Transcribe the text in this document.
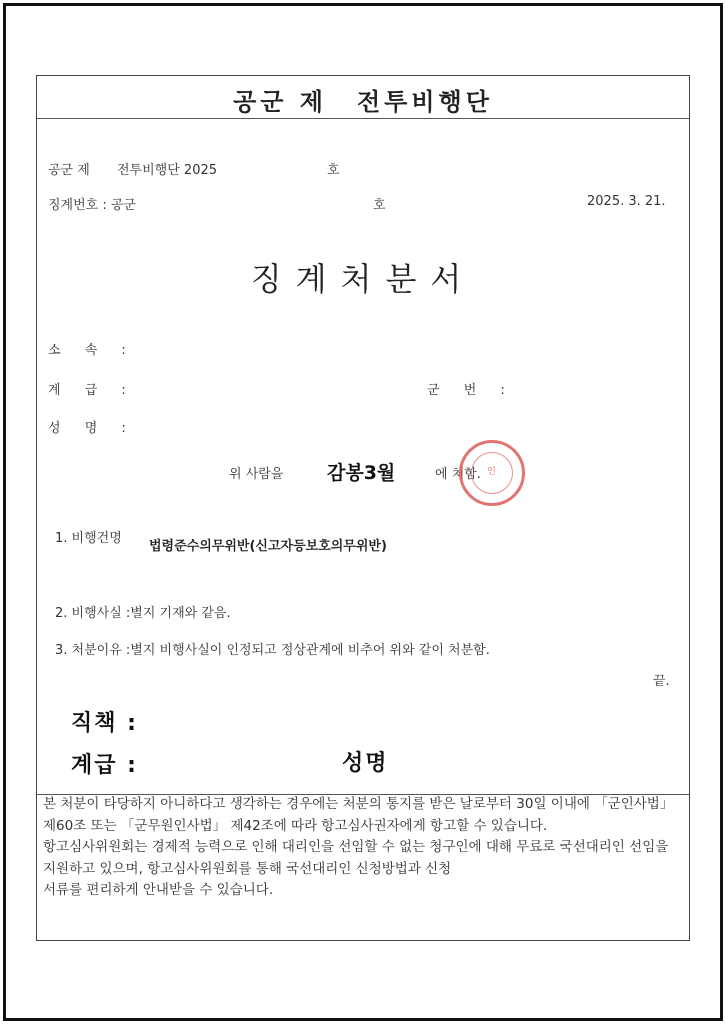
공군 제 전투비행단
공군 제 전투비행단 2025	호
징계번호 : 공군	호	2025. 3. 21.
징계처분서
소 속 :
계 급 :	군 번 :
성 명 :
위 사람을 감봉3월	에 처함. 인
1. 비행건명
법령준수의무위반(신고자등보호의무위반)
2. 비행사실 :별지 기재와 같음.
3. 처분이유 :별지 비행사실이 인정되고 정상관계에 비추어 위와 같이 처분함.
끝.
직책 :
계급 :	성명

본 처분이 타당하지 아니하다고 생각하는 경우에는 처분의 통지를 받은 날로부터 30일 이내에 「군인사법」 제60조 또는 「군무원인사법」 제42조에 따라 항고심사권자에게 항고할 수 있습니다.

항고심사위원회는 경제적 능력으로 인해 대리인을 선임할 수 없는 청구인에 대해 무료로 국선대리인 선임을 지원하고 있으며, 항고심사위원회를 통해 국선대리인 신청방법과 신청

서류를 편리하게 안내받을 수 있습니다.
